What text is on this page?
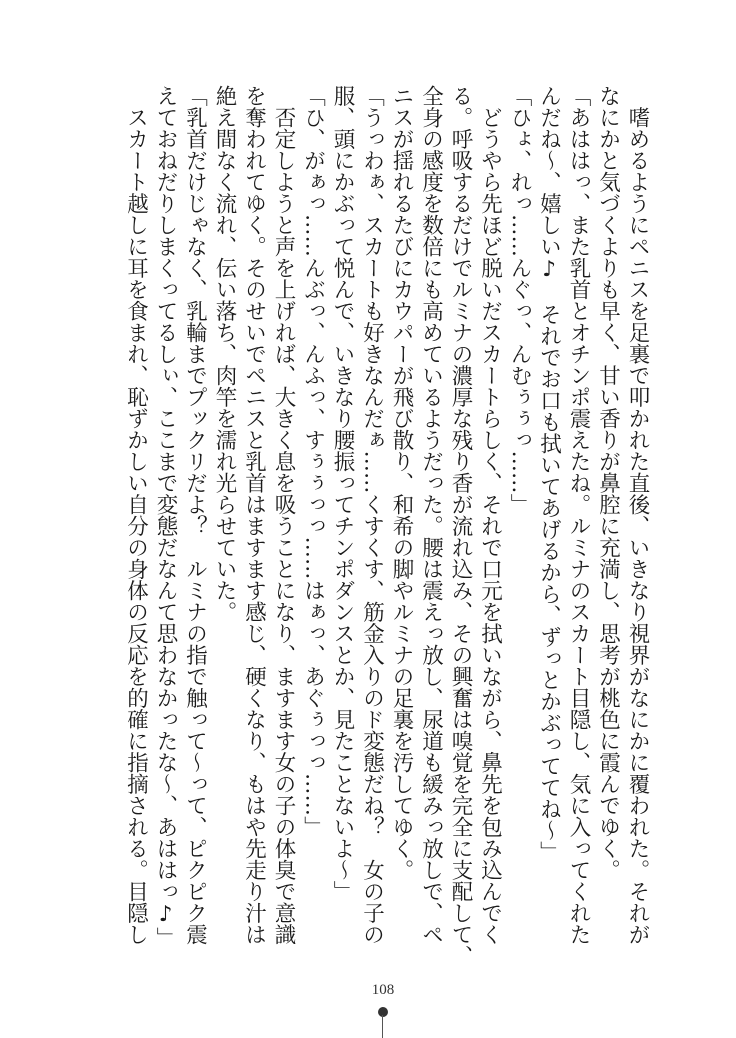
　嗜めるようにペニスを足裏で叩かれた直後、いきなり視界がなにかに覆われた。それが
なにかと気づくよりも早く、甘い香りが鼻腔に充満し、思考が桃色に霞んでゆく。
「あははっ、また乳首とオチンポ震えたね。ルミナのスカート目隠し、気に入ってくれた
んだね～、嬉しい♪　それでお口も拭いてあげるから、ずっとかぶっててね～」
「ひょ、れっ……んぐっ、んむぅぅっ……」
　どうやら先ほど脱いだスカートらしく、それで口元を拭いながら、鼻先を包み込んでく
る。呼吸するだけでルミナの濃厚な残り香が流れ込み、その興奮は嗅覚を完全に支配して、
全身の感度を数倍にも高めているようだった。腰は震えっ放し、尿道も緩みっ放しで、ペ
ニスが揺れるたびにカウパーが飛び散り、和希の脚やルミナの足裏を汚してゆく。
「うっわぁ、スカートも好きなんだぁ……くすくす、筋金入りのド変態だね？　女の子の
服、頭にかぶって悦んで、いきなり腰振ってチンポダンスとか、見たことないよ～」
「ひ、がぁっ……んぶっ、んふっ、すぅぅっっ……はぁっ、あぐぅっっ……」
　否定しようと声を上げれば、大きく息を吸うことになり、ますます女の子の体臭で意識
を奪われてゆく。そのせいでペニスと乳首はますます感じ、硬くなり、もはや先走り汁は
絶え間なく流れ、伝い落ち、肉竿を濡れ光らせていた。
「乳首だけじゃなく、乳輪までプックリだよ？　ルミナの指で触って～って、ピクピク震
えておねだりしまくってるしぃ、ここまで変態だなんて思わなかったな～、あははっ♪」
　スカート越しに耳を食まれ、恥ずかしい自分の身体の反応を的確に指摘される。目隠し
108
